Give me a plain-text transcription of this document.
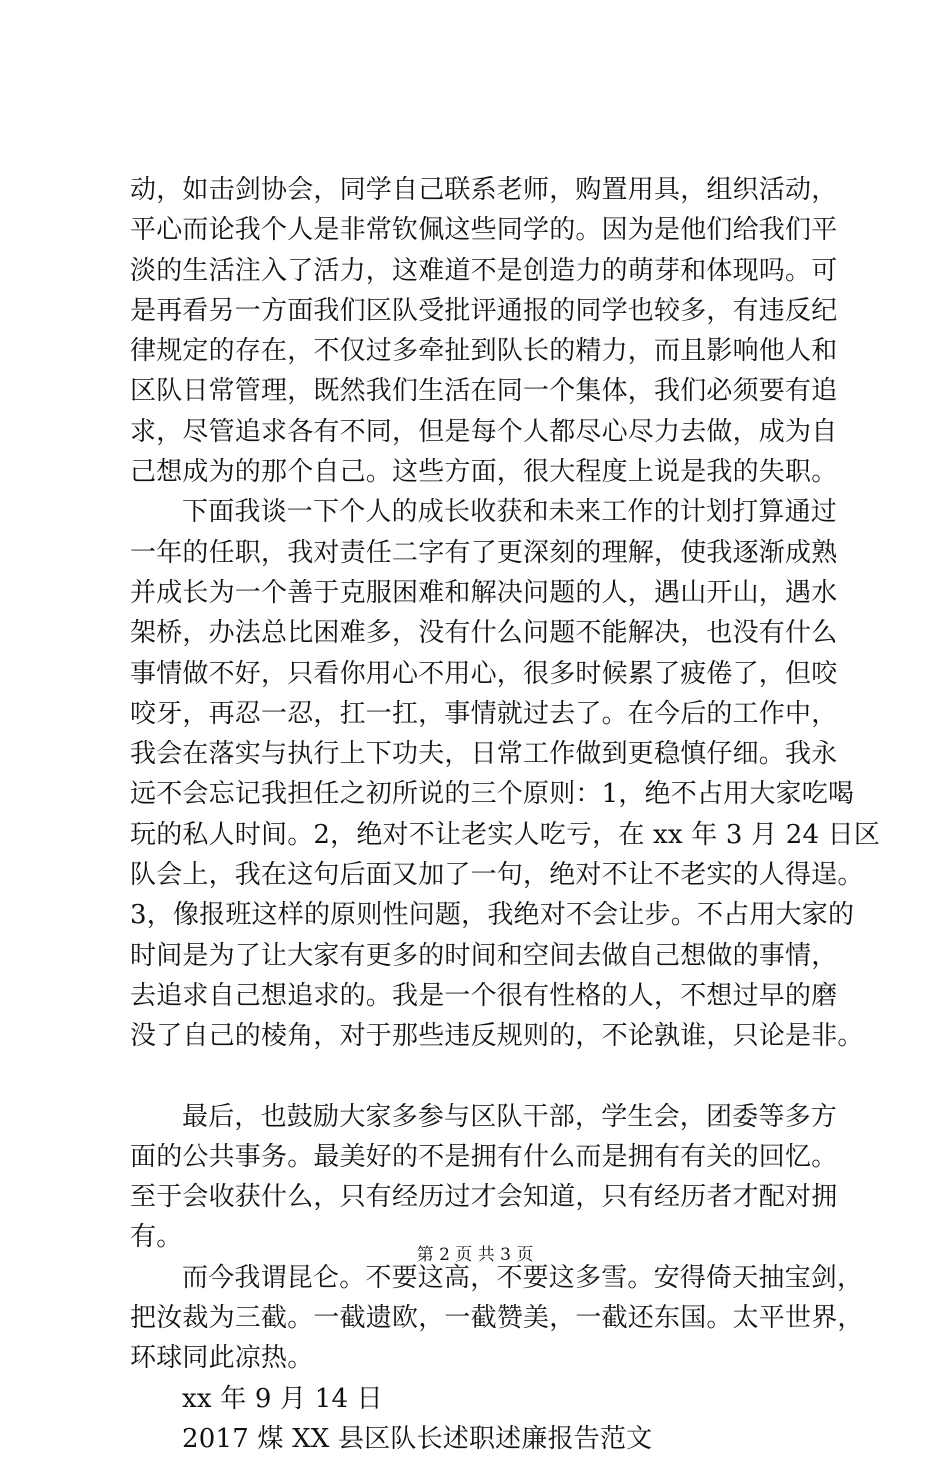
动，如击剑协会，同学自己联系老师，购置用具，组织活动，
平心而论我个人是非常钦佩这些同学的。因为是他们给我们平
淡的生活注入了活力，这难道不是创造力的萌芽和体现吗。可
是再看另一方面我们区队受批评通报的同学也较多，有违反纪
律规定的存在，不仅过多牵扯到队长的精力，而且影响他人和
区队日常管理，既然我们生活在同一个集体，我们必须要有追
求，尽管追求各有不同，但是每个人都尽心尽力去做，成为自
己想成为的那个自己。这些方面，很大程度上说是我的失职。
下面我谈一下个人的成长收获和未来工作的计划打算通过
一年的任职，我对责任二字有了更深刻的理解，使我逐渐成熟
并成长为一个善于克服困难和解决问题的人，遇山开山，遇水
架桥，办法总比困难多，没有什么问题不能解决，也没有什么
事情做不好，只看你用心不用心，很多时候累了疲倦了，但咬
咬牙，再忍一忍，扛一扛，事情就过去了。在今后的工作中，
我会在落实与执行上下功夫，日常工作做到更稳慎仔细。我永
远不会忘记我担任之初所说的三个原则：1，绝不占用大家吃喝
玩的私人时间。2，绝对不让老实人吃亏，在 xx 年 3 月 24 日区
队会上，我在这句后面又加了一句，绝对不让不老实的人得逞。
3，像报班这样的原则性问题，我绝对不会让步。不占用大家的
时间是为了让大家有更多的时间和空间去做自己想做的事情，
去追求自己想追求的。我是一个很有性格的人，不想过早的磨
没了自己的棱角，对于那些违反规则的，不论孰谁，只论是非。
最后，也鼓励大家多参与区队干部，学生会，团委等多方
面的公共事务。最美好的不是拥有什么而是拥有有关的回忆。
至于会收获什么，只有经历过才会知道，只有经历者才配对拥
有。
而今我谓昆仑。不要这高，不要这多雪。安得倚天抽宝剑，
把汝裁为三截。一截遗欧，一截赞美，一截还东国。太平世界，
环球同此凉热。
xx 年 9 月 14 日
2017 煤 XX 县区队长述职述廉报告范文
第 2 页 共 3 页
